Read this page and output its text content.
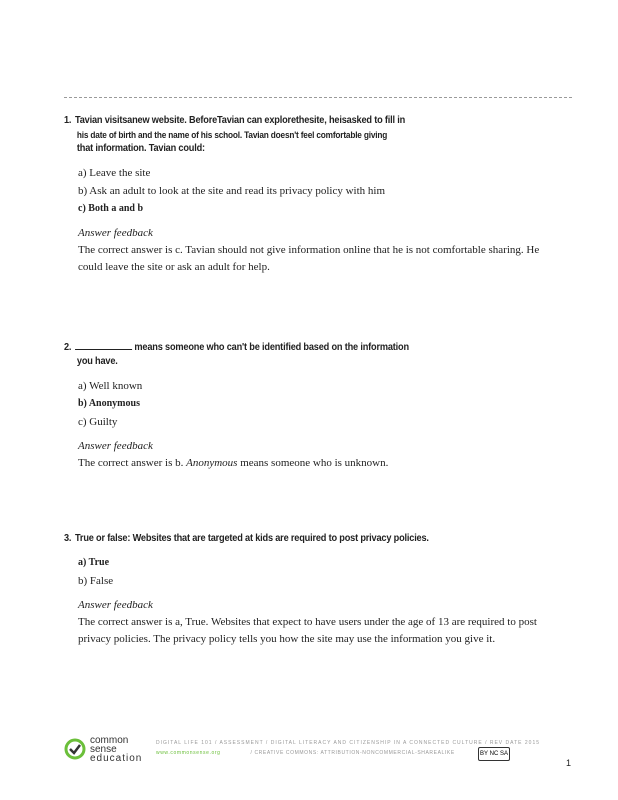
1. Tavian visitsanew website. BeforeTavian can explorethesite, heisasked to fill in
his date of birth and the name of his school. Tavian doesn't feel comfortable giving
that information. Tavian could:
a) Leave the site
b) Ask an adult to look at the site and read its privacy policy with him
c) Both a and b
Answer feedback
The correct answer is c. Tavian should not give information online that he is not comfortable sharing. He could leave the site or ask an adult for help.
2.	means someone who can't be identified based on the information
you have.
a) Well known
b) Anonymous
c) Guilty
Answer feedback
The correct answer is b. Anonymous means someone who is unknown.
3. True or false: Websites that are targeted at kids are required to post privacy policies.
a) True
b) False
Answer feedback
The correct answer is a, True. Websites that expect to have users under the age of 13 are required to post privacy policies. The privacy policy tells you how the site may use the information you give it.
common
sense
education
DIGITAL LIFE 101 / ASSESSMENT / DIGITAL LITERACY AND CITIZENSHIP IN A CONNECTED CULTURE / REV DATE 2015
www.commonsense.org	/ CREATIVE COMMONS: ATTRIBUTION-NONCOMMERCIAL-SHAREALIKE	BY NC SA
1
